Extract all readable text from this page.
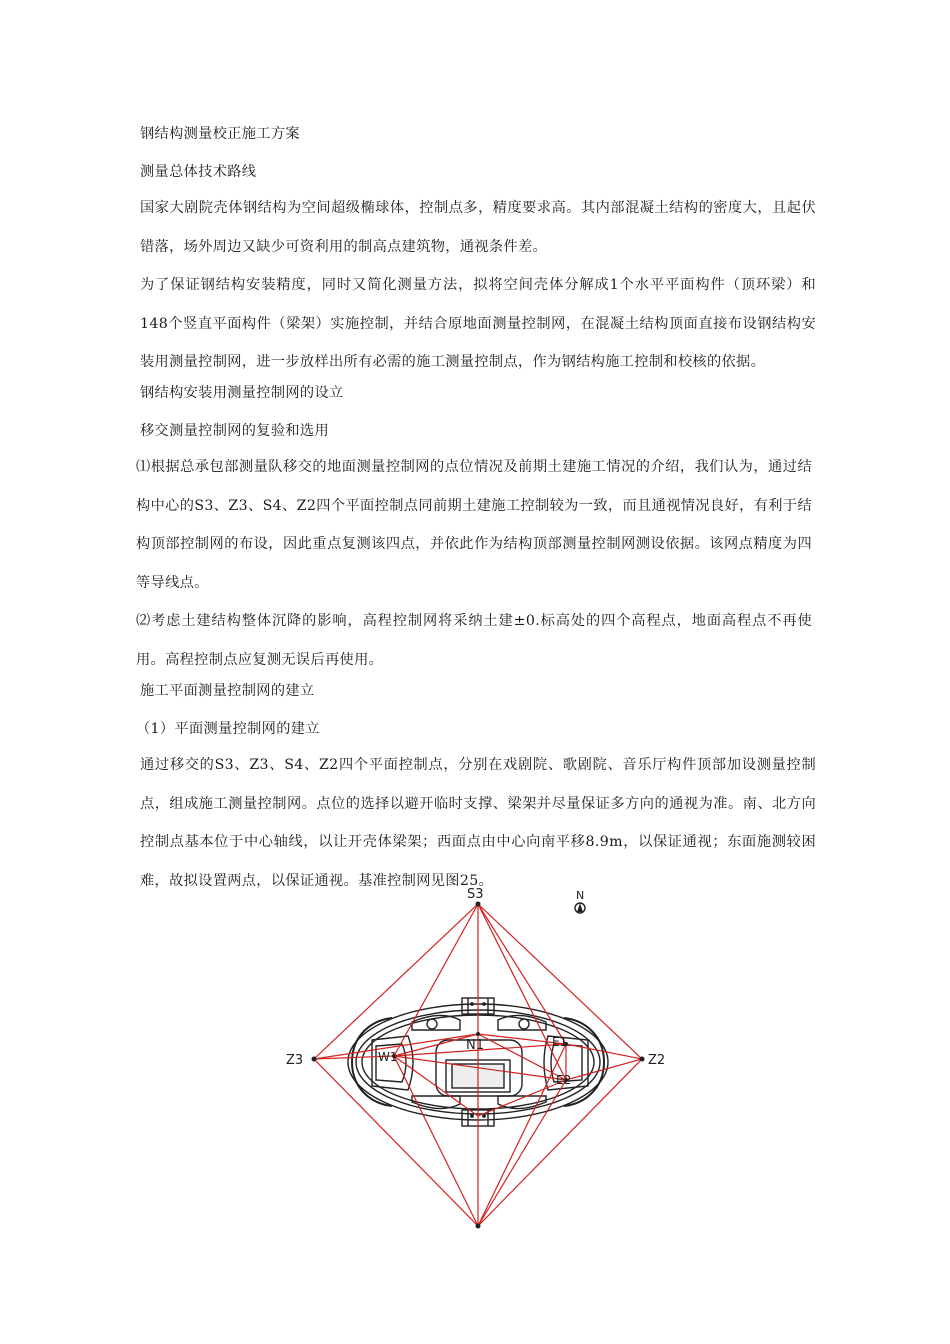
钢结构测量校正施工方案
测量总体技术路线

国家大剧院壳体钢结构为空间超级椭球体，控制点多，精度要求高。其内部混凝土结构的密度大，且起伏错落，场外周边又缺少可资利用的制高点建筑物，通视条件差。

为了保证钢结构安装精度，同时又简化测量方法，拟将空间壳体分解成1个水平平面构件（顶环梁）和148个竖直平面构件（梁架）实施控制，并结合原地面测量控制网，在混凝土结构顶面直接布设钢结构安装用测量控制网，进一步放样出所有必需的施工测量控制点，作为钢结构施工控制和校核的依据。

钢结构安装用测量控制网的设立
移交测量控制网的复验和选用

⑴根据总承包部测量队移交的地面测量控制网的点位情况及前期土建施工情况的介绍，我们认为，通过结构中心的S3、Z3、S4、Z2四个平面控制点同前期土建施工控制较为一致，而且通视情况良好，有利于结构顶部控制网的布设，因此重点复测该四点，并依此作为结构顶部测量控制网测设依据。该网点精度为四等导线点。

⑵考虑土建结构整体沉降的影响，高程控制网将采纳土建±0.标高处的四个高程点，地面高程点不再使用。高程控制点应复测无误后再使用。

施工平面测量控制网的建立
（1）平面测量控制网的建立

通过移交的S3、Z3、S4、Z2四个平面控制点，分别在戏剧院、歌剧院、音乐厅构件顶部加设测量控制点，组成施工测量控制网。点位的选择以避开临时支撑、梁架并尽量保证多方向的通视为准。南、北方向控制点基本位于中心轴线，以让开壳体梁架；西面点由中心向南平移8.9m，以保证通视；东面施测较困难，故拟设置两点，以保证通视。基准控制网见图25。

S3
Z3	Z2
N1
W1
E1
E2
N
